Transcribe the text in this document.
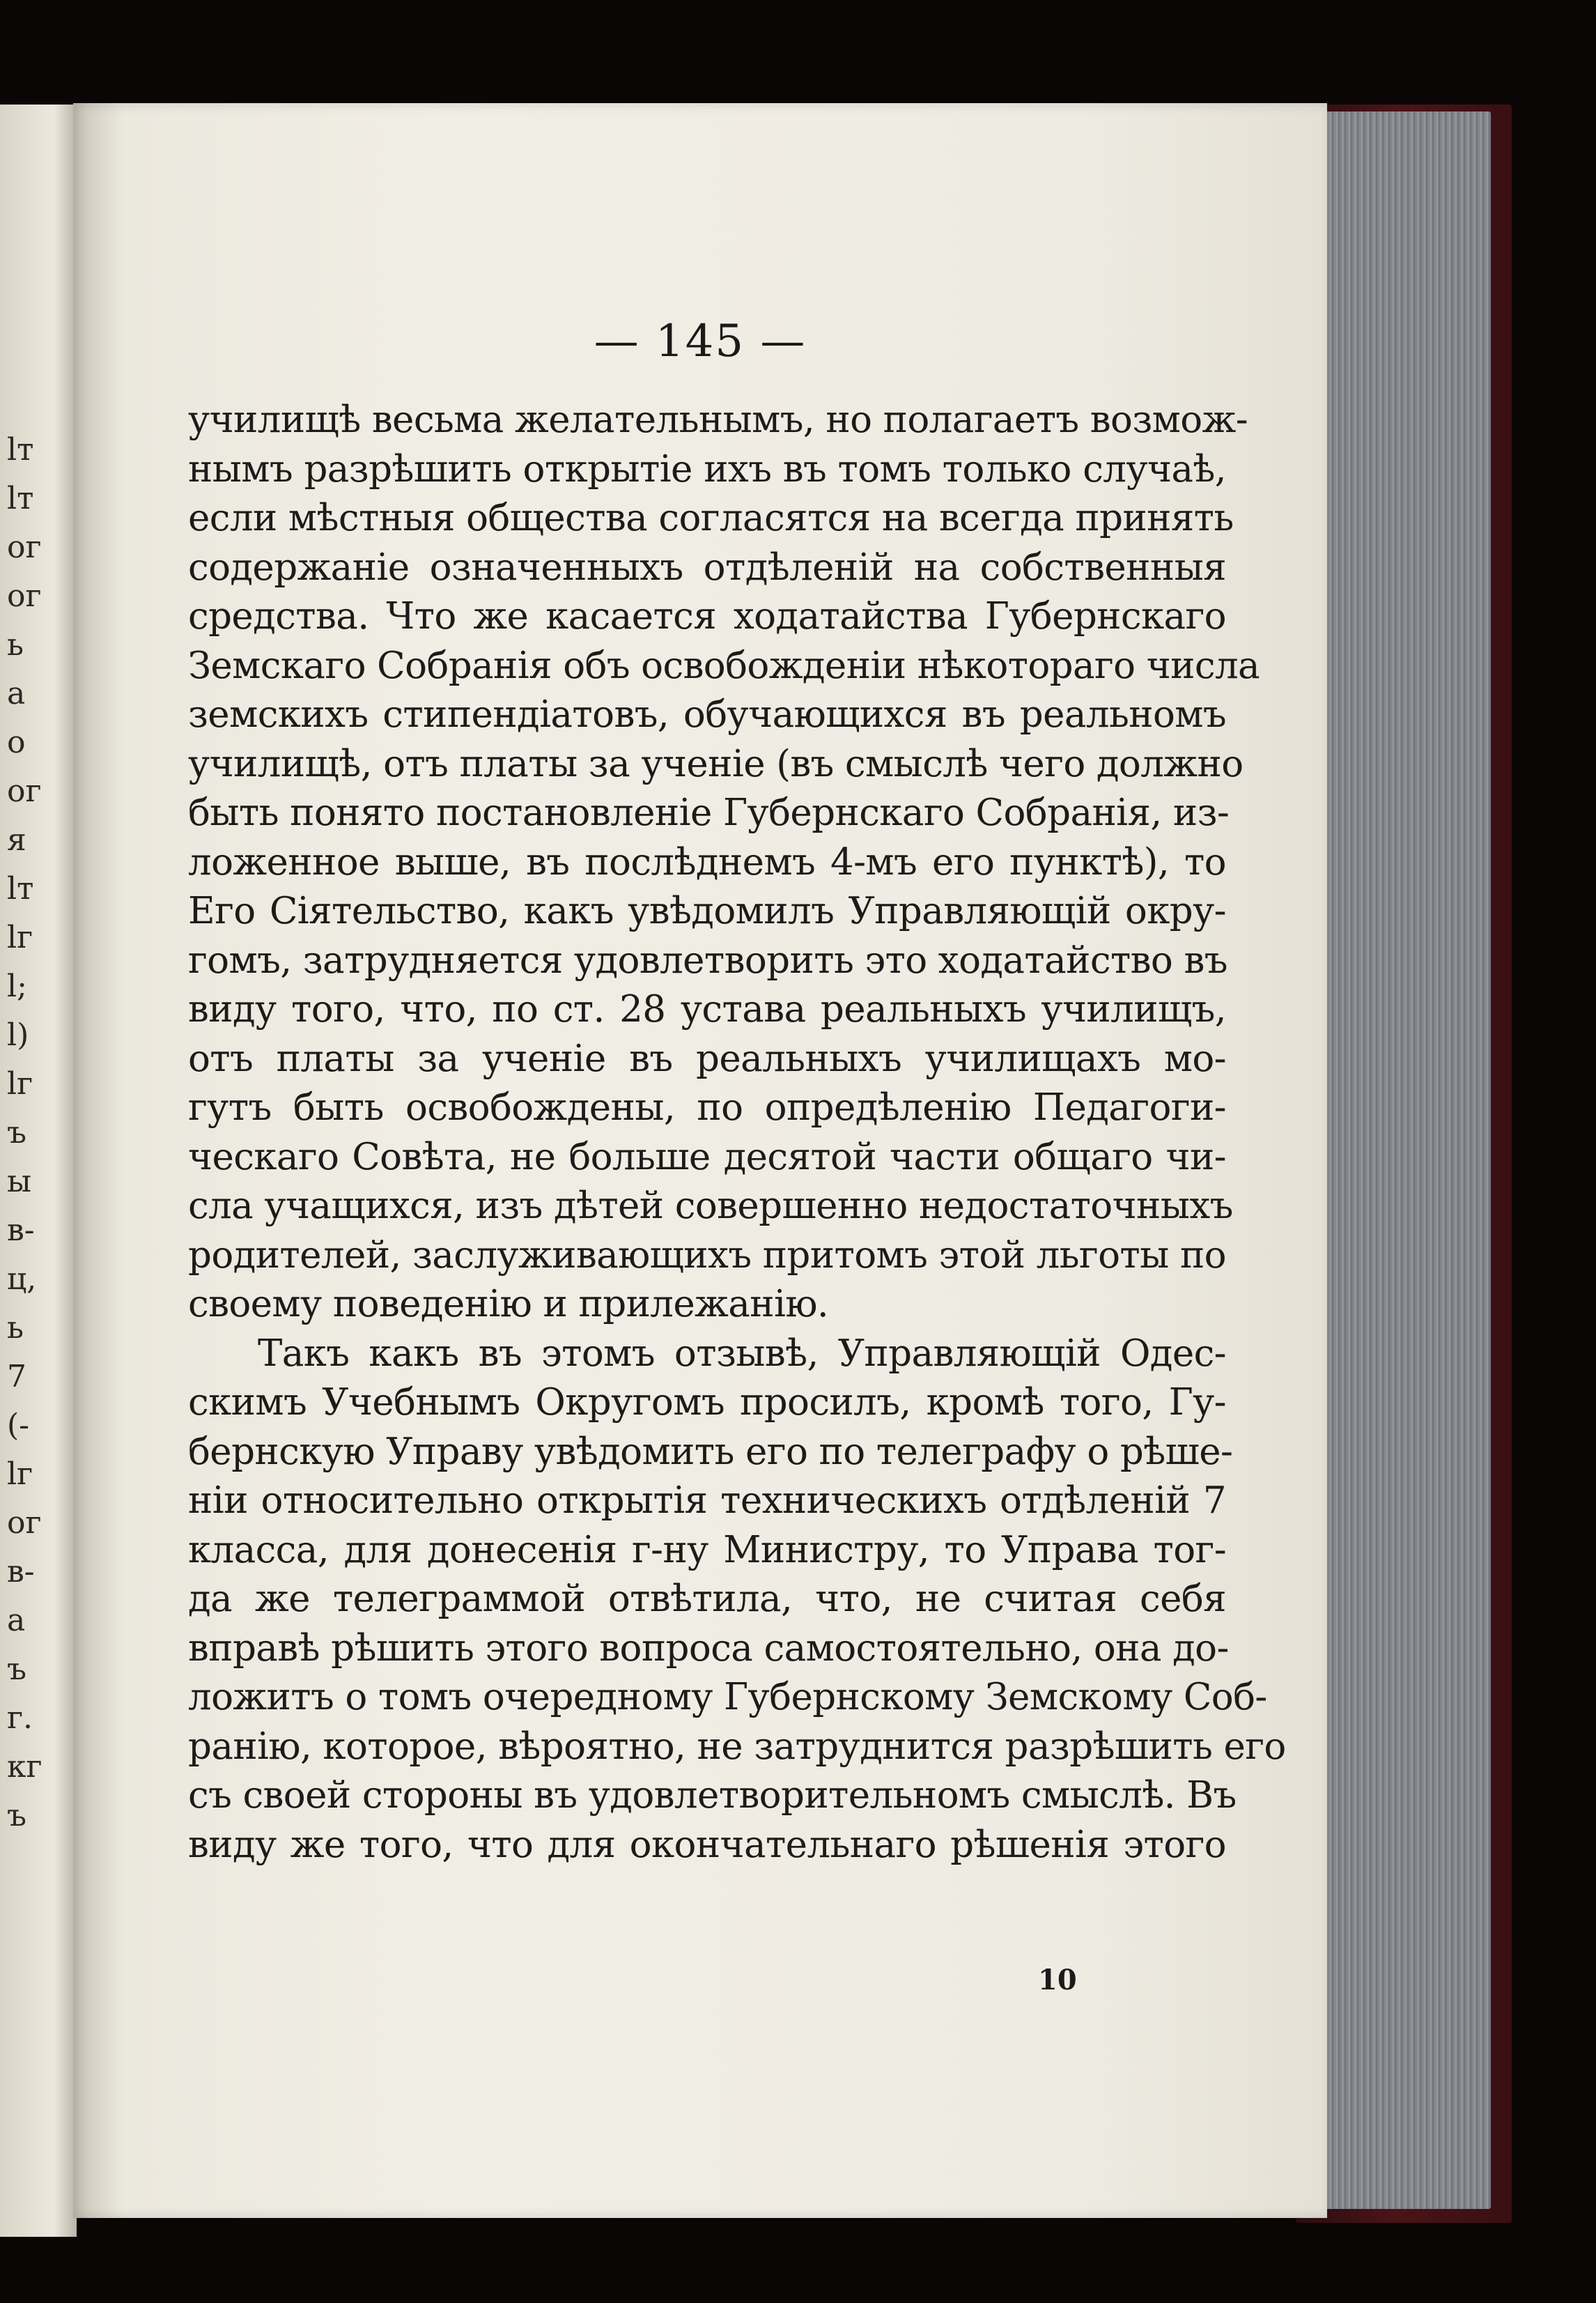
lт
lт
ог
ог
ь
а
о
ог
я
lт
lг
l;
l)
lг
ъ
ы
в-
ц,
ь
7
(-
lг
ог
в-
а
ъ
г.
кг
ъ
— 145 —
училищѣ весьма желательнымъ, но полагаетъ возмож-
нымъ разрѣшить открытіе ихъ въ томъ только случаѣ,
если мѣстныя общества согласятся на всегда принять
содержаніе означенныхъ отдѣленій на собственныя
средства. Что же касается ходатайства Губернскаго
Земскаго Собранія объ освобожденіи нѣкотораго числа
земскихъ стипендіатовъ, обучающихся въ реальномъ
училищѣ, отъ платы за ученіе (въ смыслѣ чего должно
быть понято постановленіе Губернскаго Собранія, из-
ложенное выше, въ послѣднемъ 4-мъ его пунктѣ), то
Его Сіятельство, какъ увѣдомилъ Управляющій окру-
гомъ, затрудняется удовлетворить это ходатайство въ
виду того, что, по ст. 28 устава реальныхъ училищъ,
отъ платы за ученіе въ реальныхъ училищахъ мо-
гутъ быть освобождены, по опредѣленію Педагоги-
ческаго Совѣта, не больше десятой части общаго чи-
сла учащихся, изъ дѣтей совершенно недостаточныхъ
родителей, заслуживающихъ притомъ этой льготы по
своему поведенію и прилежанію.
Такъ какъ въ этомъ отзывѣ, Управляющій Одес-
скимъ Учебнымъ Округомъ просилъ, кромѣ того, Гу-
бернскую Управу увѣдомить его по телеграфу о рѣше-
ніи относительно открытія техническихъ отдѣленій 7
класса, для донесенія г-ну Министру, то Управа тог-
да же телеграммой отвѣтила, что, не считая себя
вправѣ рѣшить этого вопроса самостоятельно, она до-
ложитъ о томъ очередному Губернскому Земскому Соб-
ранію, которое, вѣроятно, не затруднится разрѣшить его
съ своей стороны въ удовлетворительномъ смыслѣ. Въ
виду же того, что для окончательнаго рѣшенія этого
10
